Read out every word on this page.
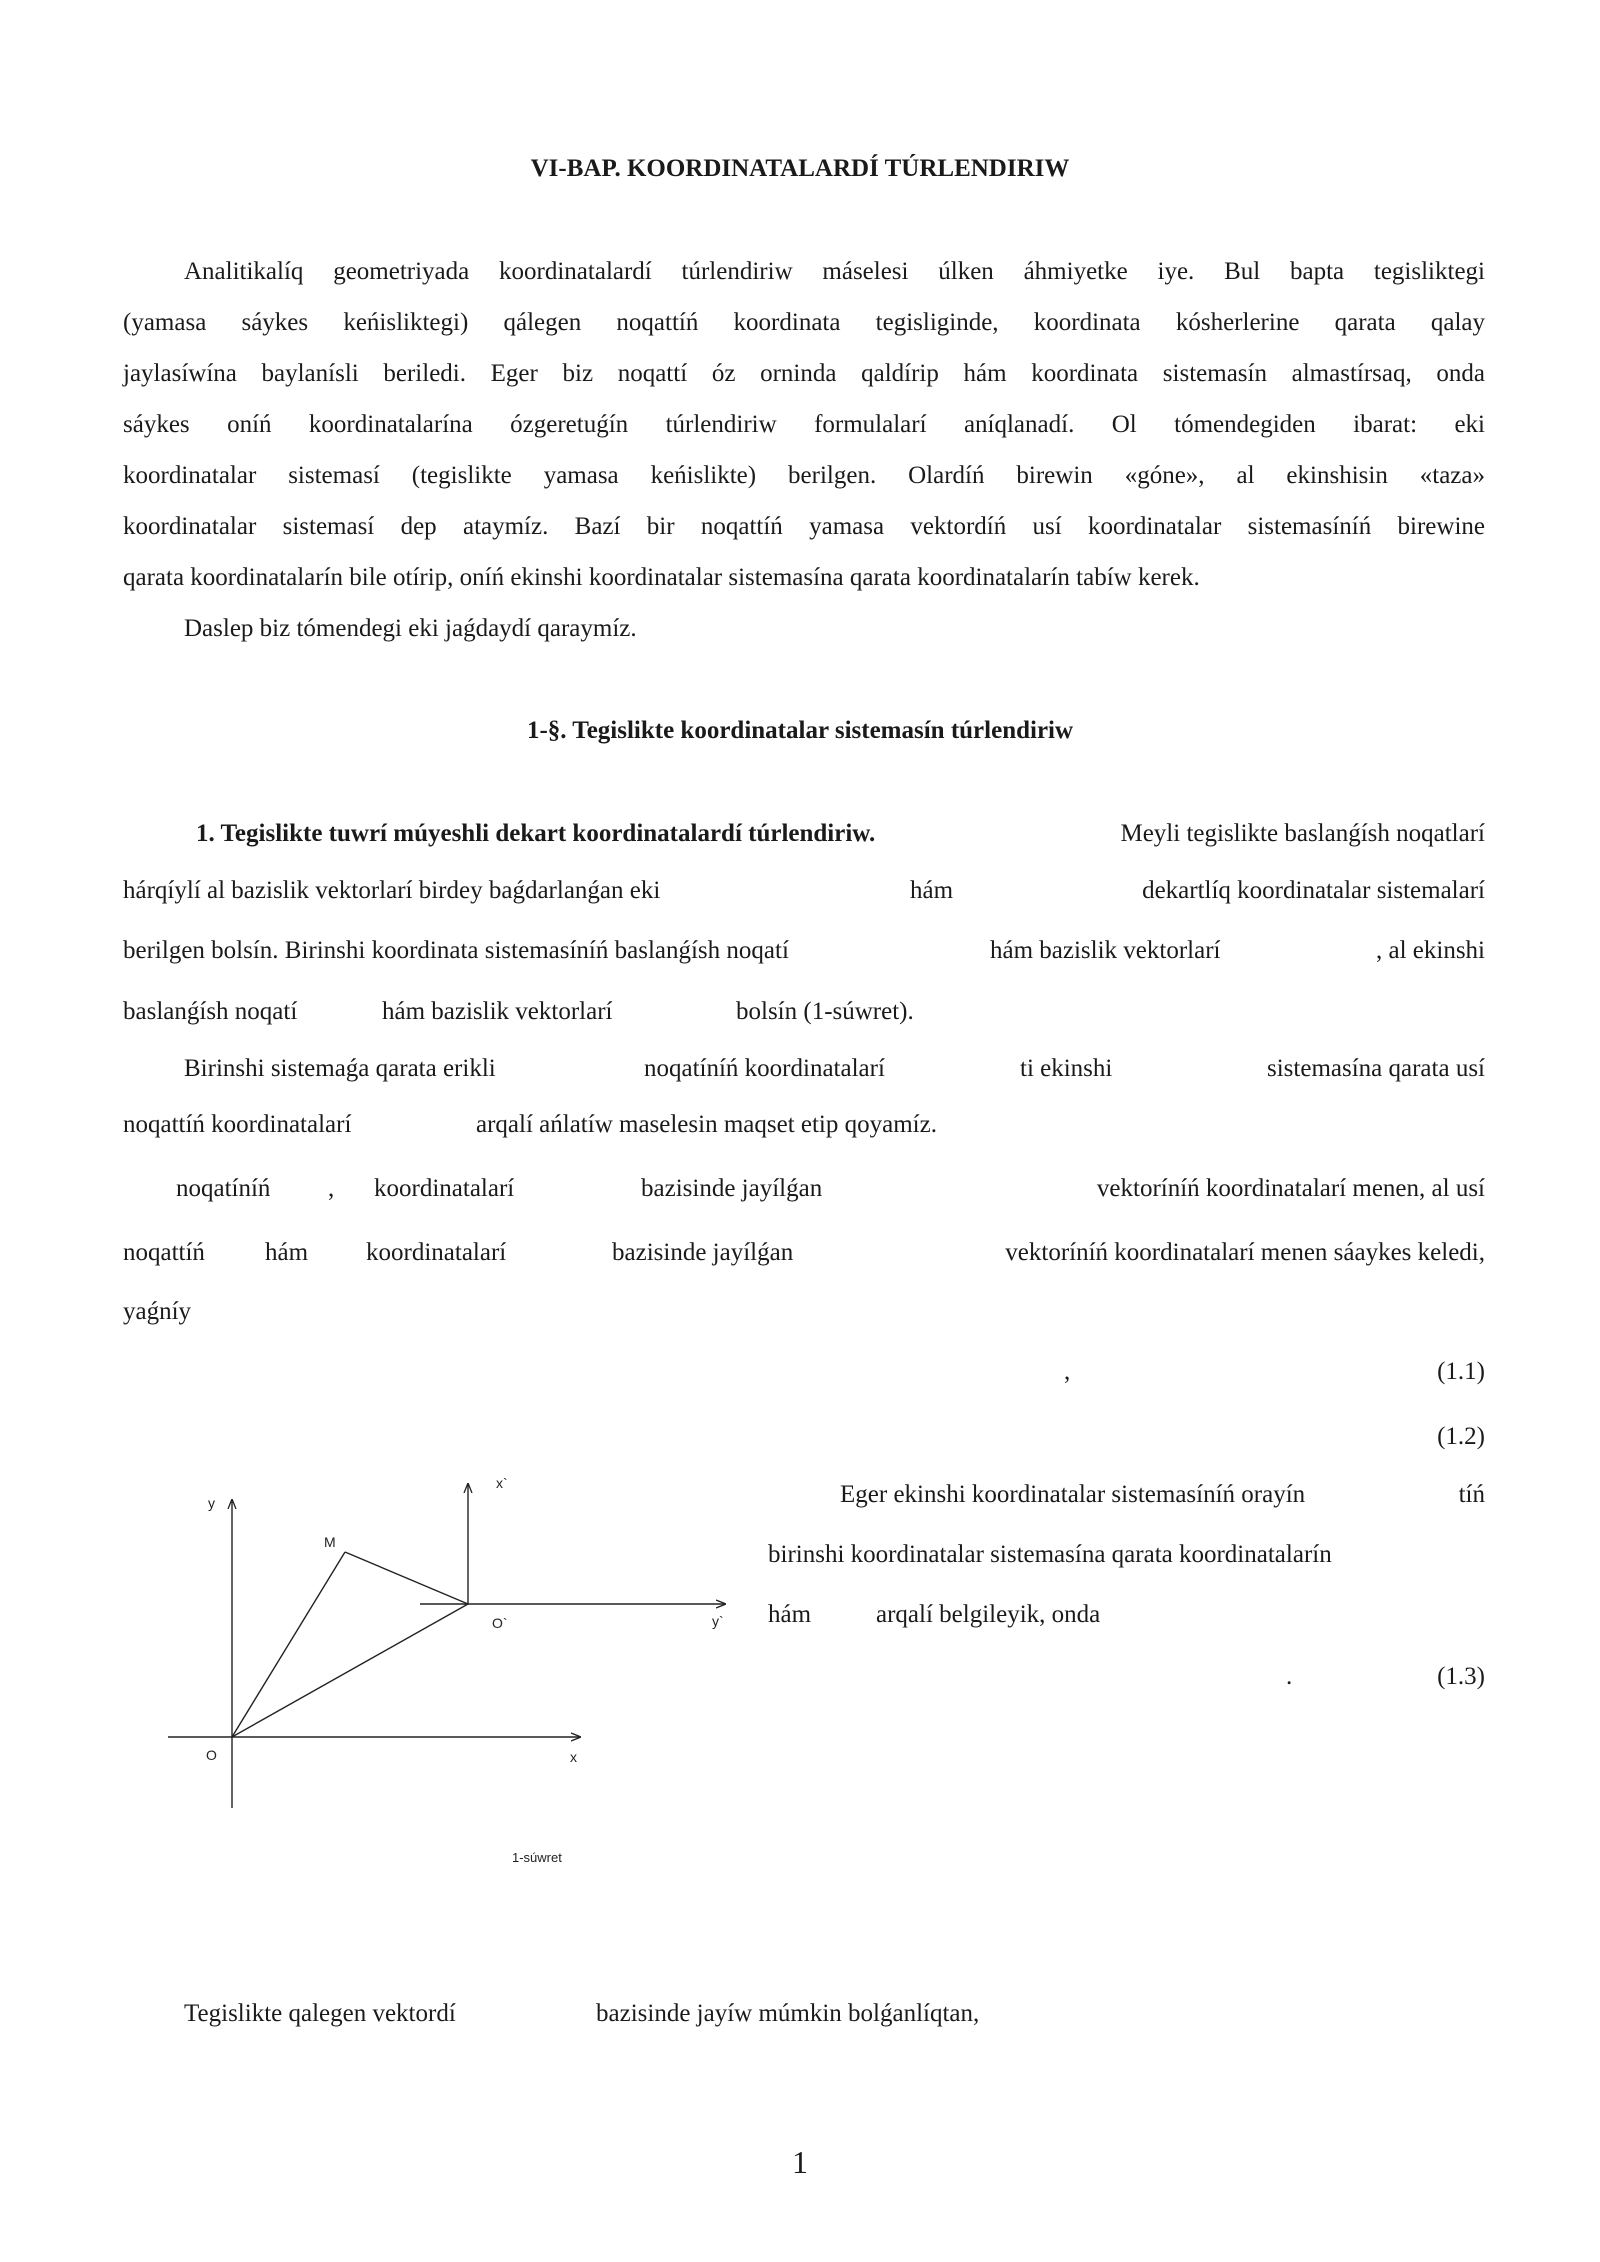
VI-BAP. KOORDINATALARDÍ TÚRLENDIRIW
Analitikalíq geometriyada koordinatalardí túrlendiriw máselesi úlken áhmiyetke iye. Bul bapta tegisliktegi
(yamasa sáykes keńisliktegi) qálegen noqattíń koordinata tegisliginde, koordinata kósherlerine qarata qalay
jaylasíwína baylanísli beriledi. Eger biz noqattí óz orninda qaldírip hám koordinata sistemasín almastírsaq, onda
sáykes oníń koordinatalarína ózgeretuǵín túrlendiriw formulalarí aníqlanadí. Ol tómendegiden ibarat: eki
koordinatalar sistemasí (tegislikte yamasa keńislikte) berilgen. Olardíń birewin «góne», al ekinshisin «taza»
koordinatalar sistemasí dep ataymíz. Bazí bir noqattíń yamasa vektordíń usí koordinatalar sistemasíníń birewine
qarata koordinatalarín bile otírip, oníń ekinshi koordinatalar sistemasína qarata koordinatalarín tabíw kerek.
Daslep biz tómendegi eki jaǵdaydí qaraymíz.
1-§. Tegislikte koordinatalar sistemasín túrlendiriw
1. Tegislikte tuwrí múyeshli dekart koordinatalardí túrlendiriw.	Meyli tegislikte baslanǵísh noqatlarí
hárqíylí al bazislik vektorlarí birdey baǵdarlanǵan eki	hám	dekartlíq koordinatalar sistemalarí
berilgen bolsín. Birinshi koordinata sistemasíníń baslanǵísh noqatí	hám bazislik vektorlarí	, al ekinshi
baslanǵísh noqatí	hám bazislik vektorlarí	bolsín (1-súwret).
Birinshi sistemaǵa qarata erikli	noqatíníń koordinatalarí	ti ekinshi	sistemasína qarata usí
noqattíń koordinatalarí	arqalí ańlatíw maselesin maqset etip qoyamíz.
noqatíníń , koordinatalarí	bazisinde jayílǵan	vektoríníń koordinatalarí menen, al usí
noqattíń hám koordinatalarí	bazisinde jayílǵan	vektoríníń koordinatalarí menen sáaykes keledi,
yaǵníy
,	(1.1)
(1.2)
y
x
x`
y`
M
O
O`
1-súwret
Eger ekinshi koordinatalar sistemasíníń orayín	tíń
birinshi koordinatalar sistemasína qarata koordinatalarín
hám	arqalí belgileyik, onda
.	(1.3)
Tegislikte qalegen vektordí	bazisinde jayíw múmkin bolǵanlíqtan,
1
